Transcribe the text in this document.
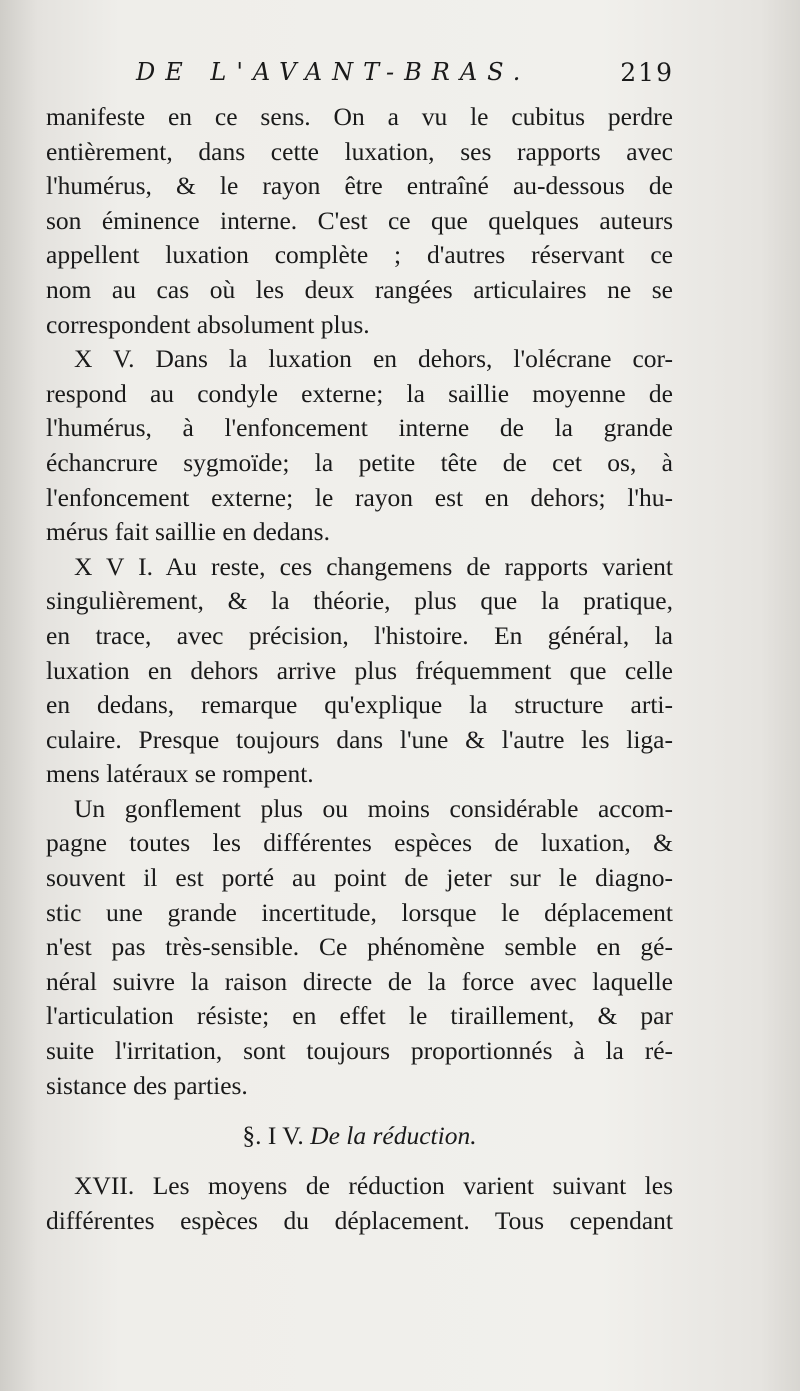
DE L'AVANT-BRAS.	219
manifeste en ce sens. On a vu le cubitus perdre
entièrement, dans cette luxation, ses rapports avec
l'humérus, & le rayon être entraîné au-dessous de
son éminence interne. C'est ce que quelques auteurs
appellent luxation complète ; d'autres réservant ce
nom au cas où les deux rangées articulaires ne se
correspondent absolument plus.
X V. Dans la luxation en dehors, l'olécrane cor-
respond au condyle externe; la saillie moyenne de
l'humérus, à l'enfoncement interne de la grande
échancrure sygmoïde; la petite tête de cet os, à
l'enfoncement externe; le rayon est en dehors; l'hu-
mérus fait saillie en dedans.
X V I. Au reste, ces changemens de rapports varient
singulièrement, & la théorie, plus que la pratique,
en trace, avec précision, l'histoire. En général, la
luxation en dehors arrive plus fréquemment que celle
en dedans, remarque qu'explique la structure arti-
culaire. Presque toujours dans l'une & l'autre les liga-
mens latéraux se rompent.
Un gonflement plus ou moins considérable accom-
pagne toutes les différentes espèces de luxation, &
souvent il est porté au point de jeter sur le diagno-
stic une grande incertitude, lorsque le déplacement
n'est pas très-sensible. Ce phénomène semble en gé-
néral suivre la raison directe de la force avec laquelle
l'articulation résiste; en effet le tiraillement, & par
suite l'irritation, sont toujours proportionnés à la ré-
sistance des parties.
§. I V. De la réduction.
XVII. Les moyens de réduction varient suivant les
différentes espèces du déplacement. Tous cependant
